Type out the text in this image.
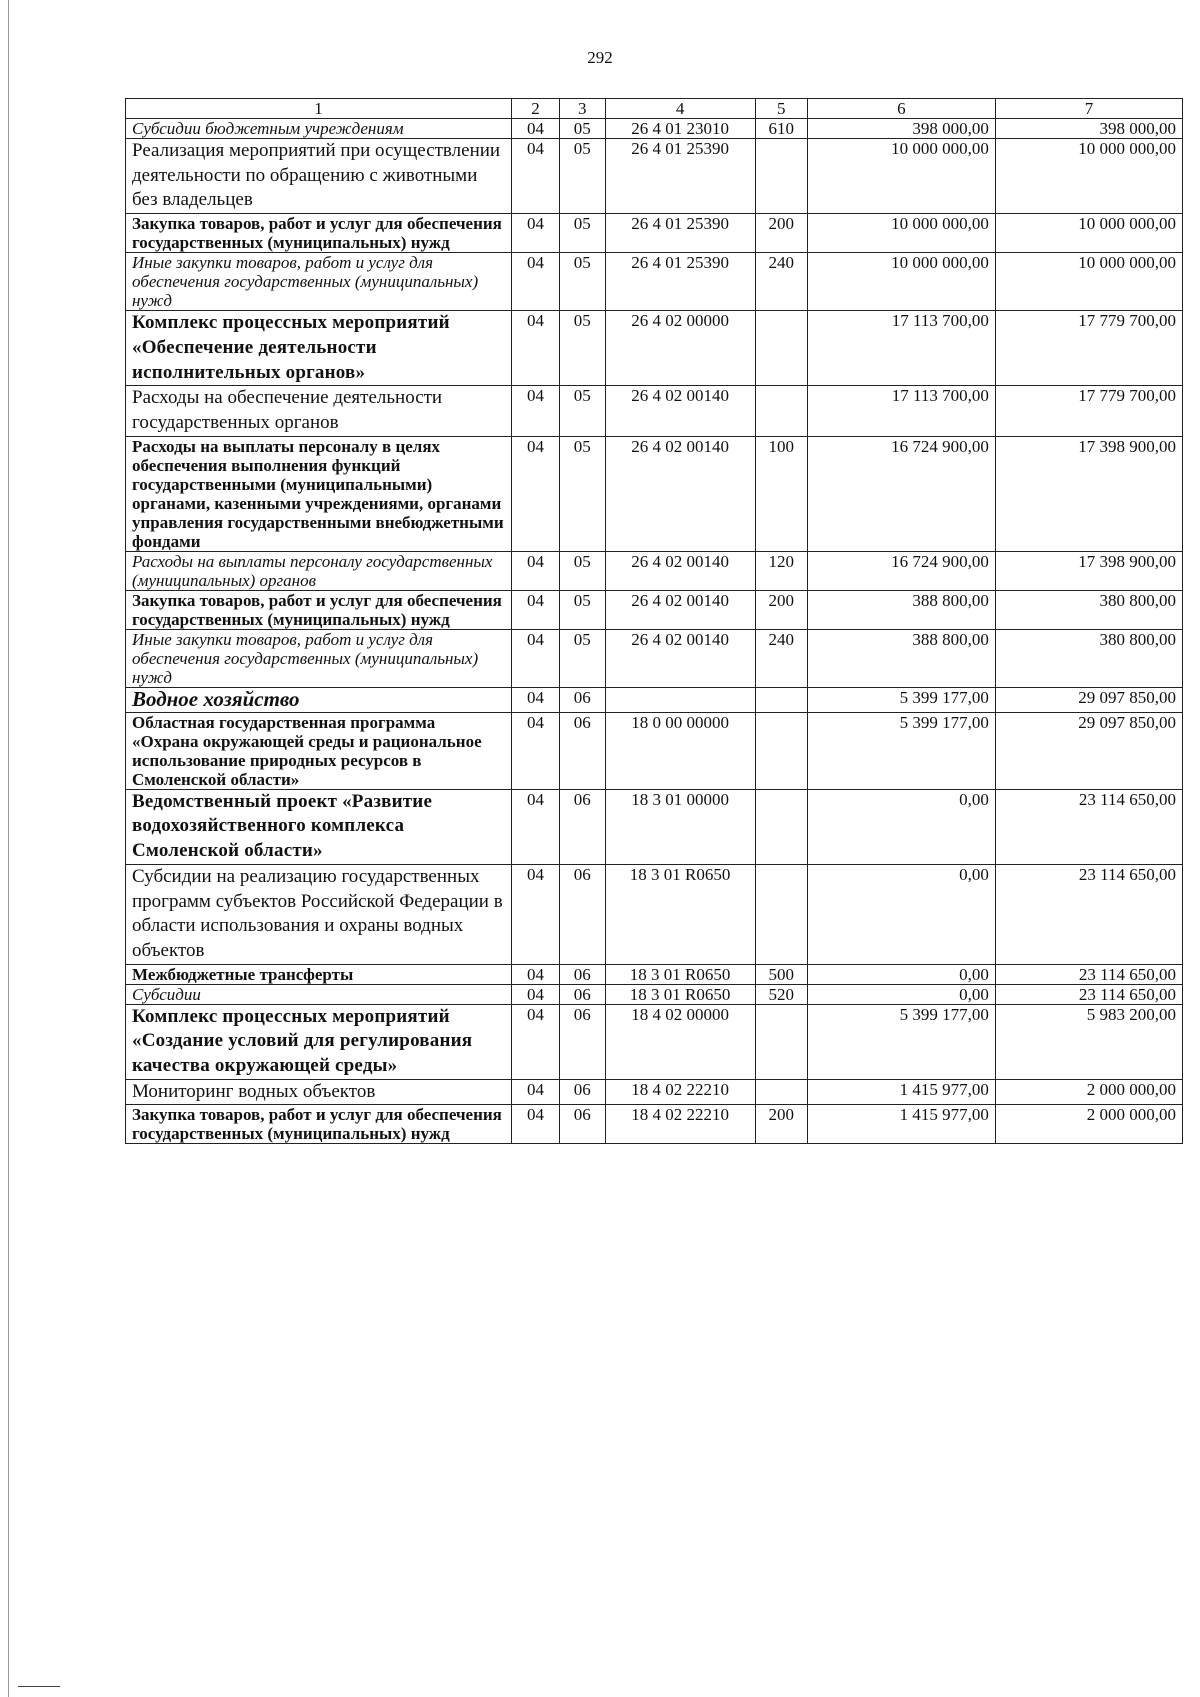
292
1	2	3	4	5	6	7
Субсидии бюджетным учреждениям	04	05	26 4 01 23010	610	398 000,00	398 000,00
Реализация мероприятий при осуществлении деятельности по обращению с животными без владельцев	04	05	26 4 01 25390		10 000 000,00	10 000 000,00
Закупка товаров, работ и услуг для обеспечения государственных (муниципальных) нужд	04	05	26 4 01 25390	200	10 000 000,00	10 000 000,00
Иные закупки товаров, работ и услуг для обеспечения государственных (муниципальных) нужд	04	05	26 4 01 25390	240	10 000 000,00	10 000 000,00
Комплекс процессных мероприятий «Обеспечение деятельности исполнительных органов»	04	05	26 4 02 00000		17 113 700,00	17 779 700,00
Расходы на обеспечение деятельности государственных органов	04	05	26 4 02 00140		17 113 700,00	17 779 700,00
Расходы на выплаты персоналу в целях обеспечения выполнения функций государственными (муниципальными) органами, казенными учреждениями, органами управления государственными внебюджетными фондами	04	05	26 4 02 00140	100	16 724 900,00	17 398 900,00
Расходы на выплаты персоналу государственных (муниципальных) органов	04	05	26 4 02 00140	120	16 724 900,00	17 398 900,00
Закупка товаров, работ и услуг для обеспечения государственных (муниципальных) нужд	04	05	26 4 02 00140	200	388 800,00	380 800,00
Иные закупки товаров, работ и услуг для обеспечения государственных (муниципальных) нужд	04	05	26 4 02 00140	240	388 800,00	380 800,00
Водное хозяйство	04	06			5 399 177,00	29 097 850,00
Областная государственная программа «Охрана окружающей среды и рациональное использование природных ресурсов в Смоленской области»	04	06	18 0 00 00000		5 399 177,00	29 097 850,00
Ведомственный проект «Развитие водохозяйственного комплекса Смоленской области»	04	06	18 3 01 00000		0,00	23 114 650,00
Субсидии на реализацию государственных программ субъектов Российской Федерации в области использования и охраны водных объектов	04	06	18 3 01 R0650		0,00	23 114 650,00
Межбюджетные трансферты	04	06	18 3 01 R0650	500	0,00	23 114 650,00
Субсидии	04	06	18 3 01 R0650	520	0,00	23 114 650,00
Комплекс процессных мероприятий «Создание условий для регулирования качества окружающей среды»	04	06	18 4 02 00000		5 399 177,00	5 983 200,00
Мониторинг водных объектов	04	06	18 4 02 22210		1 415 977,00	2 000 000,00
Закупка товаров, работ и услуг для обеспечения государственных (муниципальных) нужд	04	06	18 4 02 22210	200	1 415 977,00	2 000 000,00
